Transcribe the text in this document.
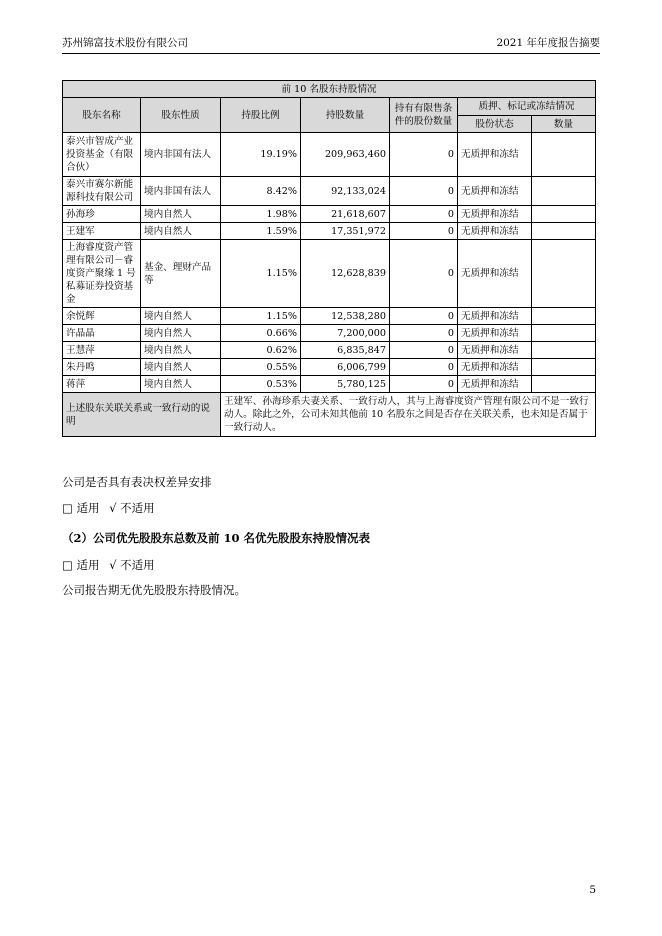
苏州锦富技术股份有限公司	2021 年年度报告摘要
前 10 名股东持股情况						
股东名称	股东性质	持股比例	持股数量	持有有限售条件的股份数量	质押、标记或冻结情况	
					股份状态	数量
泰兴市智成产业投资基金（有限合伙）	境内非国有法人	19.19%	209,963,460	0	无质押和冻结	
泰兴市赛尔新能源科技有限公司	境内非国有法人	8.42%	92,133,024	0	无质押和冻结	
孙海珍	境内自然人	1.98%	21,618,607	0	无质押和冻结	
王建军	境内自然人	1.59%	17,351,972	0	无质押和冻结	
上海睿度资产管理有限公司－睿度资产聚缘 1 号私募证券投资基金	基金、理财产品等	1.15%	12,628,839	0	无质押和冻结	
余悦辉	境内自然人	1.15%	12,538,280	0	无质押和冻结	
许晶晶	境内自然人	0.66%	7,200,000	0	无质押和冻结	
王慧萍	境内自然人	0.62%	6,835,847	0	无质押和冻结	
朱丹鸣	境内自然人	0.55%	6,006,799	0	无质押和冻结	
蒋萍	境内自然人	0.53%	5,780,125	0	无质押和冻结	
上述股东关联关系或一致行动的说明		王建军、孙海珍系夫妻关系、一致行动人，其与上海睿度资产管理有限公司不是一致行动人。除此之外，公司未知其他前 10 名股东之间是否存在关联关系，也未知是否属于一致行动人。				
公司是否具有表决权差异安排
□ 适用 √ 不适用
（2）公司优先股股东总数及前 10 名优先股股东持股情况表
□ 适用 √ 不适用
公司报告期无优先股股东持股情况。
5
